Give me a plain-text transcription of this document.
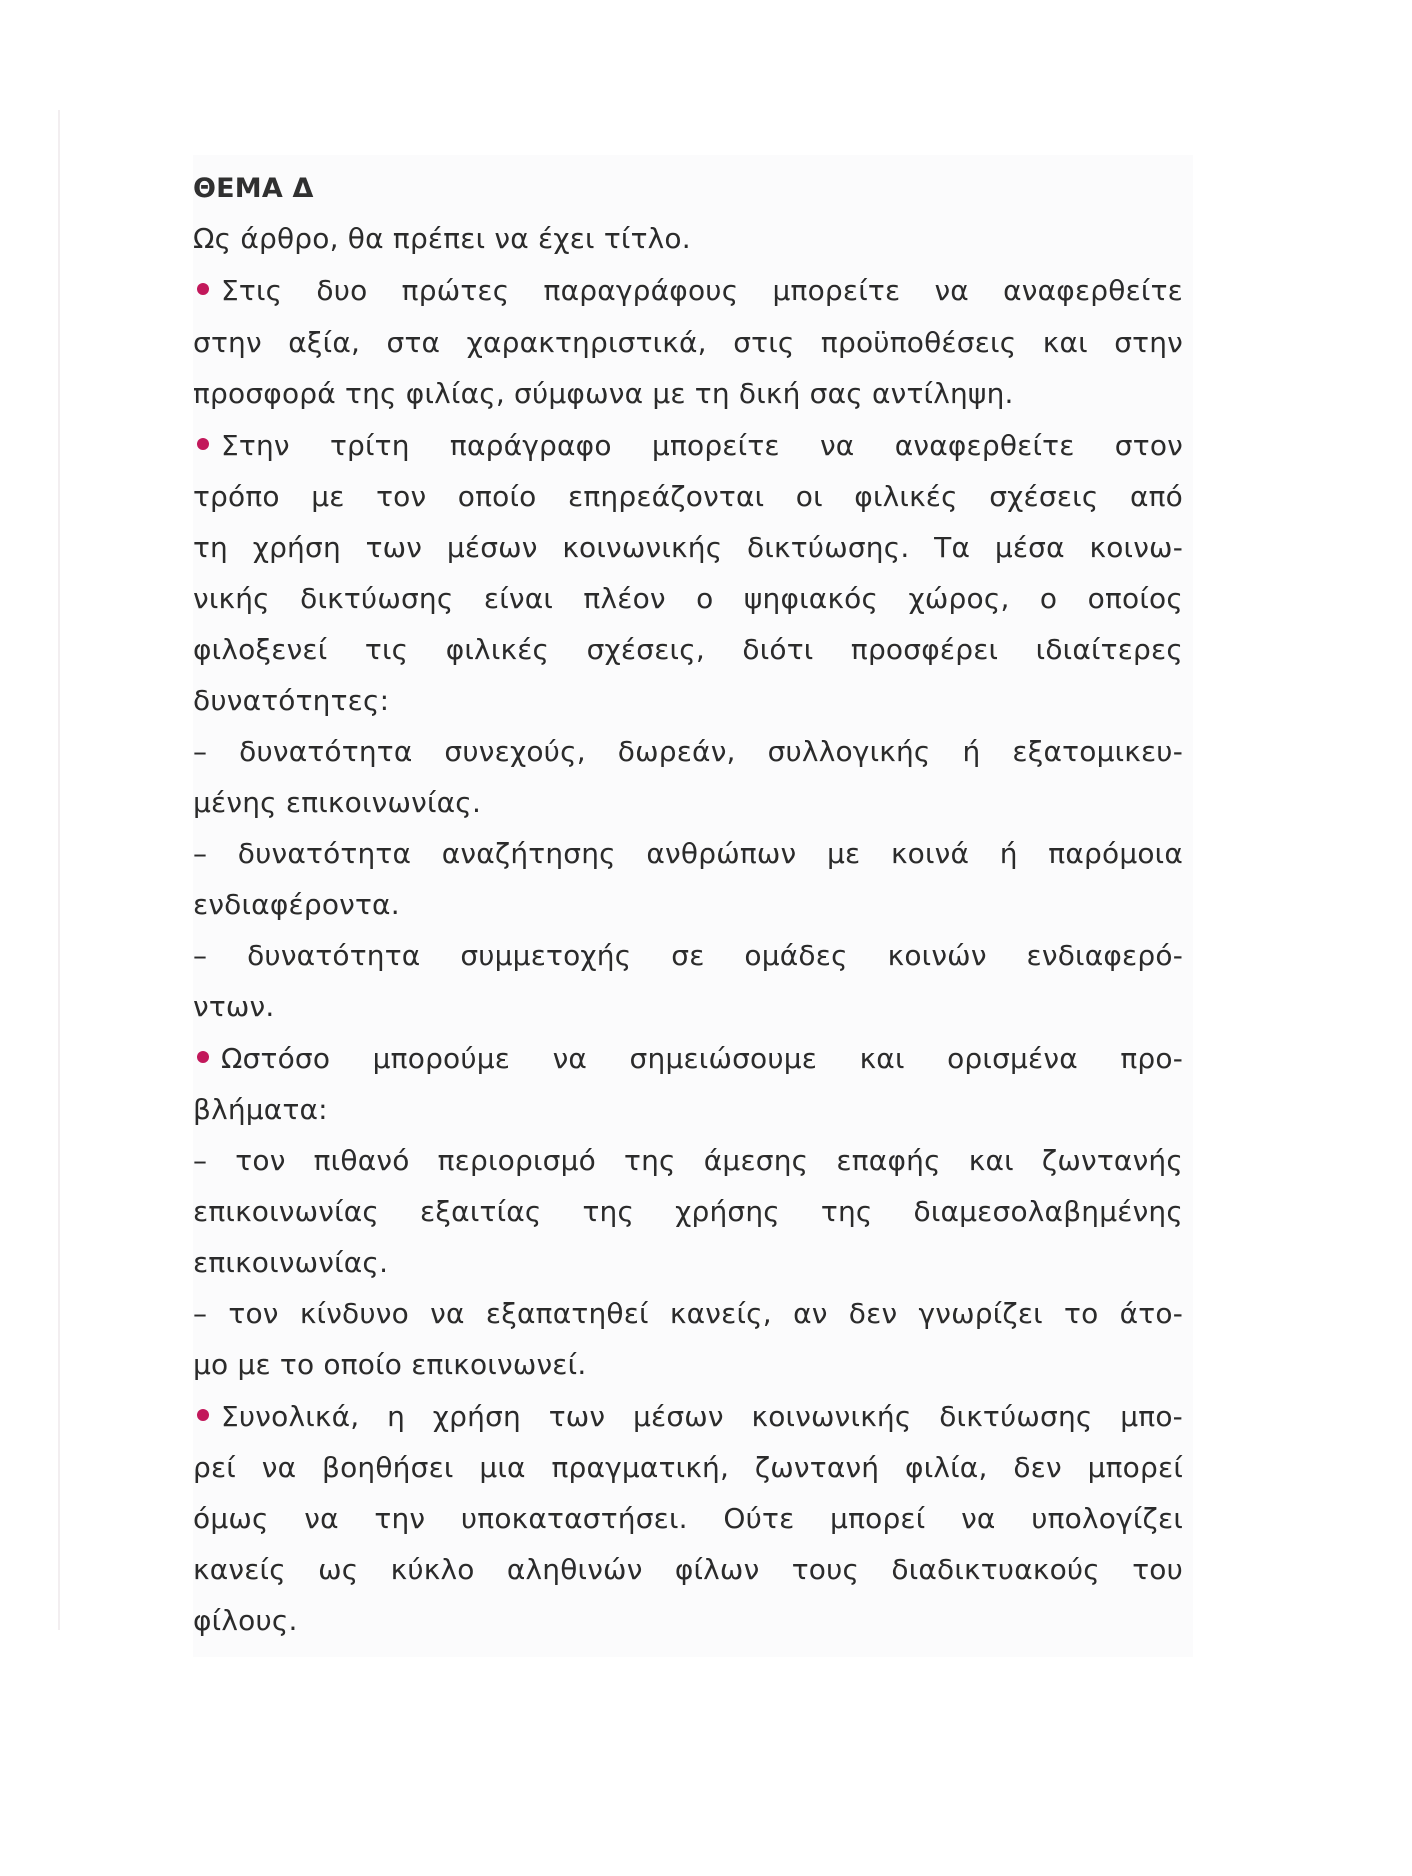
ΘΕΜΑ Δ
Ως άρθρο, θα πρέπει να έχει τίτλο.
Στις δυο πρώτες παραγράφους μπορείτε να αναφερθείτε
στην αξία, στα χαρακτηριστικά, στις προϋποθέσεις και στην
προσφορά της φιλίας, σύμφωνα με τη δική σας αντίληψη.
Στην τρίτη παράγραφο μπορείτε να αναφερθείτε στον
τρόπο με τον οποίο επηρεάζονται οι φιλικές σχέσεις από
τη χρήση των μέσων κοινωνικής δικτύωσης. Τα μέσα κοινω-
νικής δικτύωσης είναι πλέον ο ψηφιακός χώρος, ο οποίος
φιλοξενεί τις φιλικές σχέσεις, διότι προσφέρει ιδιαίτερες
δυνατότητες:
– δυνατότητα συνεχούς, δωρεάν, συλλογικής ή εξατομικευ-
μένης επικοινωνίας.
– δυνατότητα αναζήτησης ανθρώπων με κοινά ή παρόμοια
ενδιαφέροντα.
– δυνατότητα συμμετοχής σε ομάδες κοινών ενδιαφερό-
ντων.
Ωστόσο μπορούμε να σημειώσουμε και ορισμένα προ-
βλήματα:
– τον πιθανό περιορισμό της άμεσης επαφής και ζωντανής
επικοινωνίας εξαιτίας της χρήσης της διαμεσολαβημένης
επικοινωνίας.
– τον κίνδυνο να εξαπατηθεί κανείς, αν δεν γνωρίζει το άτο-
μο με το οποίο επικοινωνεί.
Συνολικά, η χρήση των μέσων κοινωνικής δικτύωσης μπο-
ρεί να βοηθήσει μια πραγματική, ζωντανή φιλία, δεν μπορεί
όμως να την υποκαταστήσει. Ούτε μπορεί να υπολογίζει
κανείς ως κύκλο αληθινών φίλων τους διαδικτυακούς του
φίλους.
